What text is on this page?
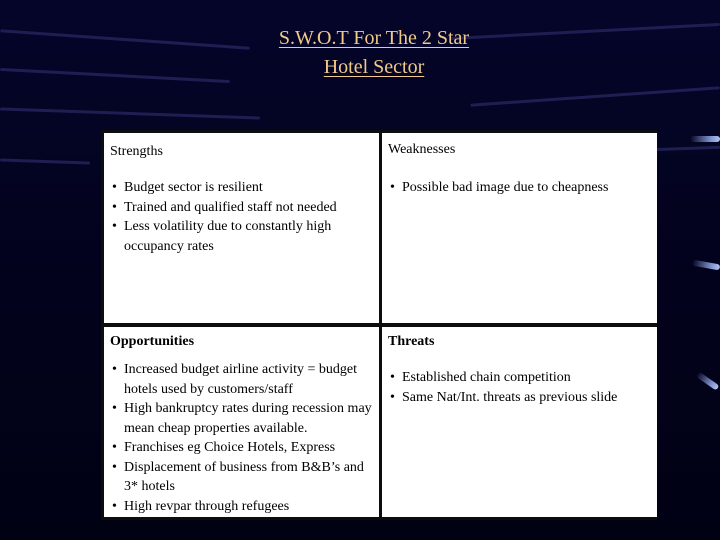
S.W.O.T For The 2 Star
Hotel Sector
Strengths
• Budget sector is resilient
• Trained and qualified staff not needed
• Less volatility due to constantly high occupancy rates
Weaknesses
• Possible bad image due to cheapness
Opportunities
• Increased budget airline activity = budget hotels used by customers/staff
• High bankruptcy rates during recession may mean cheap properties available.
• Franchises eg Choice Hotels, Express
• Displacement of business from B&B’s and 3* hotels
• High revpar through refugees
Threats
• Established chain competition
• Same Nat/Int. threats as previous slide
